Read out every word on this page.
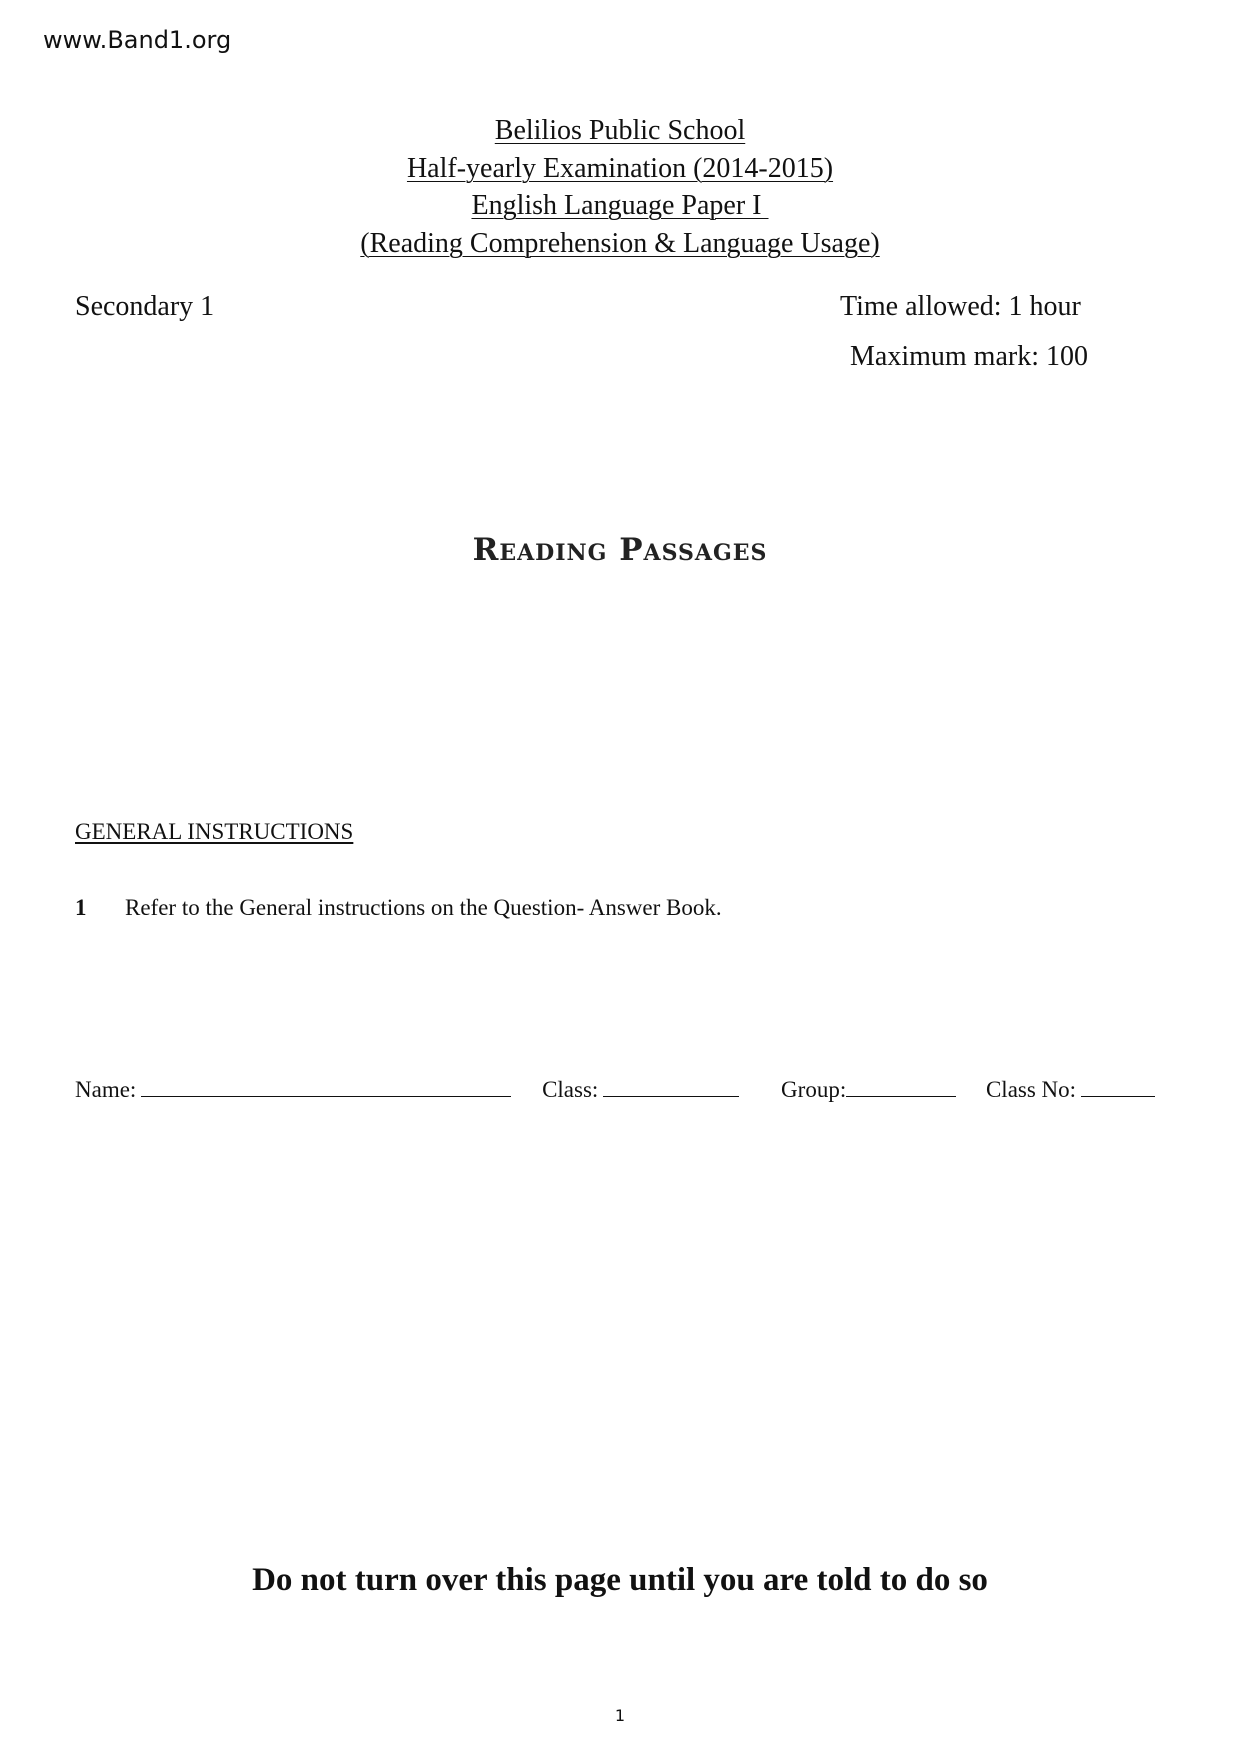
www.Band1.org
Belilios Public School
Half-yearly Examination (2014-2015)
English Language Paper I
(Reading Comprehension & Language Usage)
Secondary 1	Time allowed: 1 hour
Maximum mark: 100
Reading Passages
GENERAL INSTRUCTIONS
1 Refer to the General instructions on the Question- Answer Book.
Name:	Class:	Group:	Class No:
Do not turn over this page until you are told to do so
1
